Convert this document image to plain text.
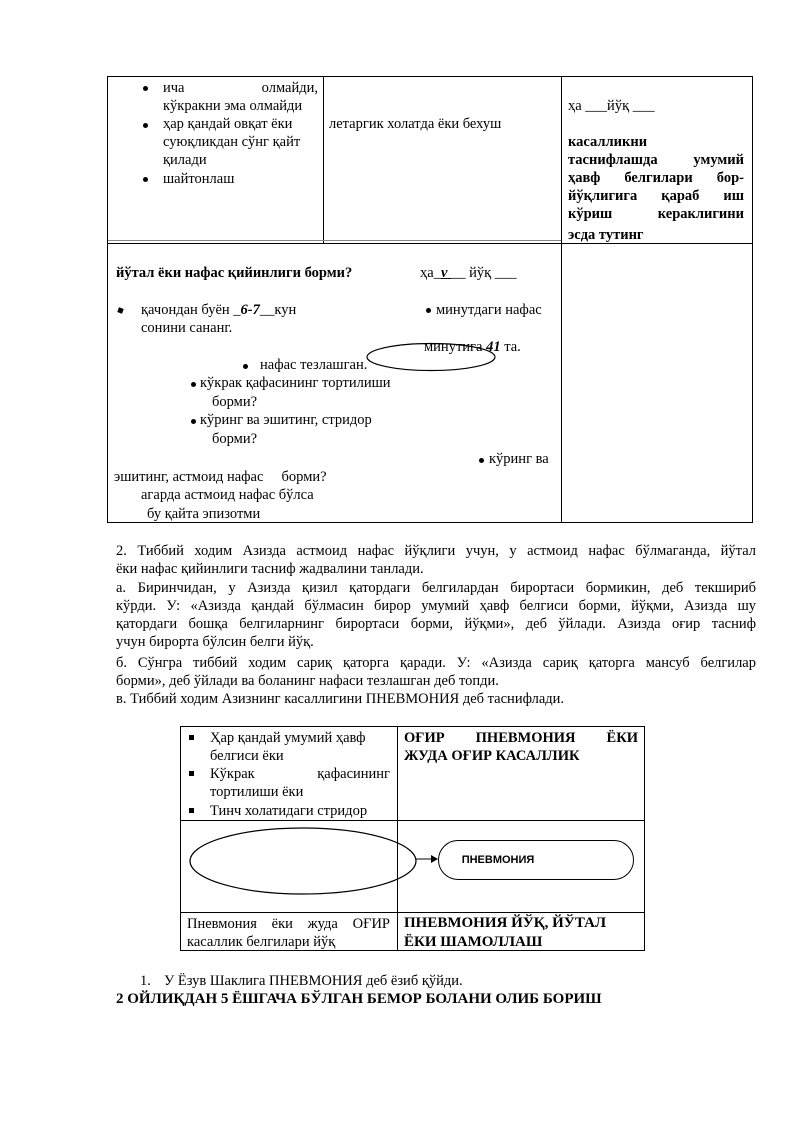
ича олмайди,
кўкракни эма олмайди
ҳар қандай овқат ёки
суюқликдан сўнг қайт
қилади
шайтонлаш
летаргик холатда ёки бехуш
ҳа ___йўқ ___
касалликни
таснифлашда умумий
ҳавф белгилари бор-
йўқлигига қараб иш
кўриш кераклигини
эсда тутинг
йўтал ёки нафас қийинлиги борми?	ҳа_v __ йўқ ___
қачондан буён _6-7__кун
сонини сананг.
минутдаги нафас
минутига 41 та.
нафас тезлашган.
кўкрак қафасининг тортилиши
борми?
кўринг ва эшитинг, стридор
борми?
кўринг ва
эшитинг, астмоид нафас     борми?
агарда астмоид нафас бўлса
бу қайта эпизотми
2. Тиббий ходим Азизда астмоид нафас йўқлиги учун, у астмоид нафас бўлмаганда, йўтал
ёки нафас қийинлиги тасниф жадвалини танлади.
а. Биринчидан, у Азизда қизил қатордаги белгилардан бирортаси бормикин, деб текшириб
кўрди. У: «Азизда қандай бўлмасин бирор умумий ҳавф белгиси борми, йўқми, Азизда шу
қатордаги бошқа белгиларнинг бирортаси борми, йўқми», деб ўйлади. Азизда оғир тасниф
учун бирорта бўлсин белги йўқ.
б. Сўнгра тиббий ходим сариқ қаторга қаради. У: «Азизда сариқ қаторга мансуб белгилар
борми», деб ўйлади ва боланинг нафаси тезлашган деб топди.
в. Тиббий ходим Азизнинг касаллигини ПНЕВМОНИЯ деб таснифлади.
Ҳар қандай умумий ҳавф
белгиси ёки
Кўкрак қафасининг
тортилиши ёки
Тинч холатидаги стридор
ОҒИР ПНЕВМОНИЯ ЁКИ
ЖУДА ОҒИР КАСАЛЛИК
ПНЕВМОНИЯ
Пневмония ёки жуда ОҒИР
касаллик белгилари йўқ
ПНЕВМОНИЯ ЙЎҚ, ЙЎТАЛ
ЁКИ ШАМОЛЛАШ
1. У Ёзув Шаклига ПНЕВМОНИЯ деб ёзиб қўйди.
2 ОЙЛИҚДАН 5 ЁШГАЧА БЎЛГАН БЕМОР БОЛАНИ ОЛИБ БОРИШ
